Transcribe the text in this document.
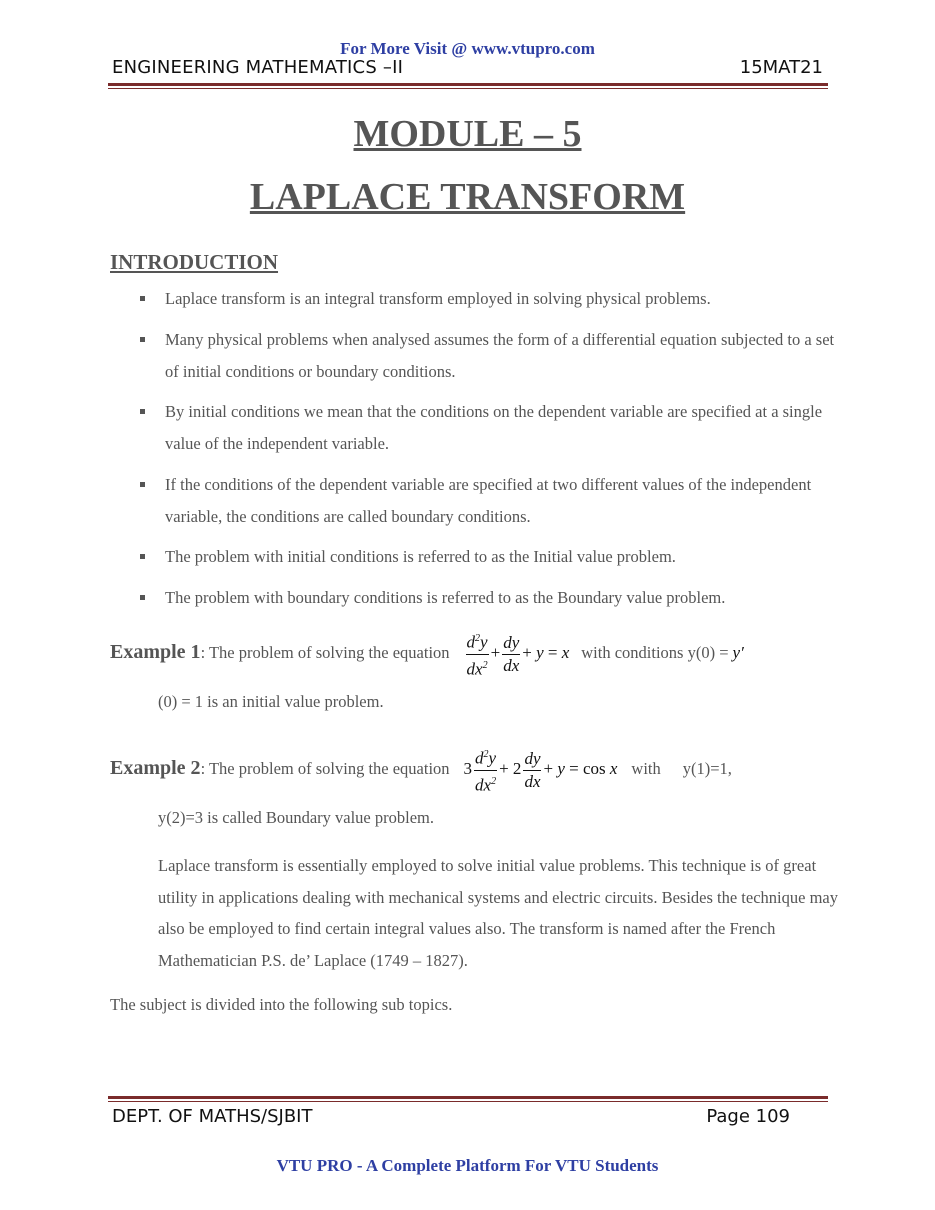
For More Visit @ www.vtupro.com
ENGINEERING MATHEMATICS –II	15MAT21
MODULE – 5
LAPLACE TRANSFORM
INTRODUCTION
Laplace transform is an integral transform employed in solving physical problems.
Many physical problems when analysed assumes the form of a differential equation subjected to a set of initial conditions or boundary conditions.
By initial conditions we mean that the conditions on the dependent variable are specified at a single value of the independent variable.
If the conditions of the dependent variable are specified at two different values of the independent variable, the conditions are called boundary conditions.
The problem with initial conditions is referred to as the Initial value problem.
The problem with boundary conditions is referred to as the Boundary value problem.
Example 1: The problem of solving the equation $\frac{d^2y}{dx^2} + \frac{dy}{dx} + y = x$ with conditions y(0) = y′
(0) = 1 is an initial value problem.
Example 2: The problem of solving the equation $3 \frac{d^2y}{dx^2} + 2 \frac{dy}{dx} + y = \cos x$ with y(1)=1,
y(2)=3 is called Boundary value problem.
Laplace transform is essentially employed to solve initial value problems. This technique is of great utility in applications dealing with mechanical systems and electric circuits. Besides the technique may also be employed to find certain integral values also. The transform is named after the French Mathematician P.S. de’ Laplace (1749 – 1827).
The subject is divided into the following sub topics.
DEPT. OF MATHS/SJBIT	Page 109
VTU PRO - A Complete Platform For VTU Students
